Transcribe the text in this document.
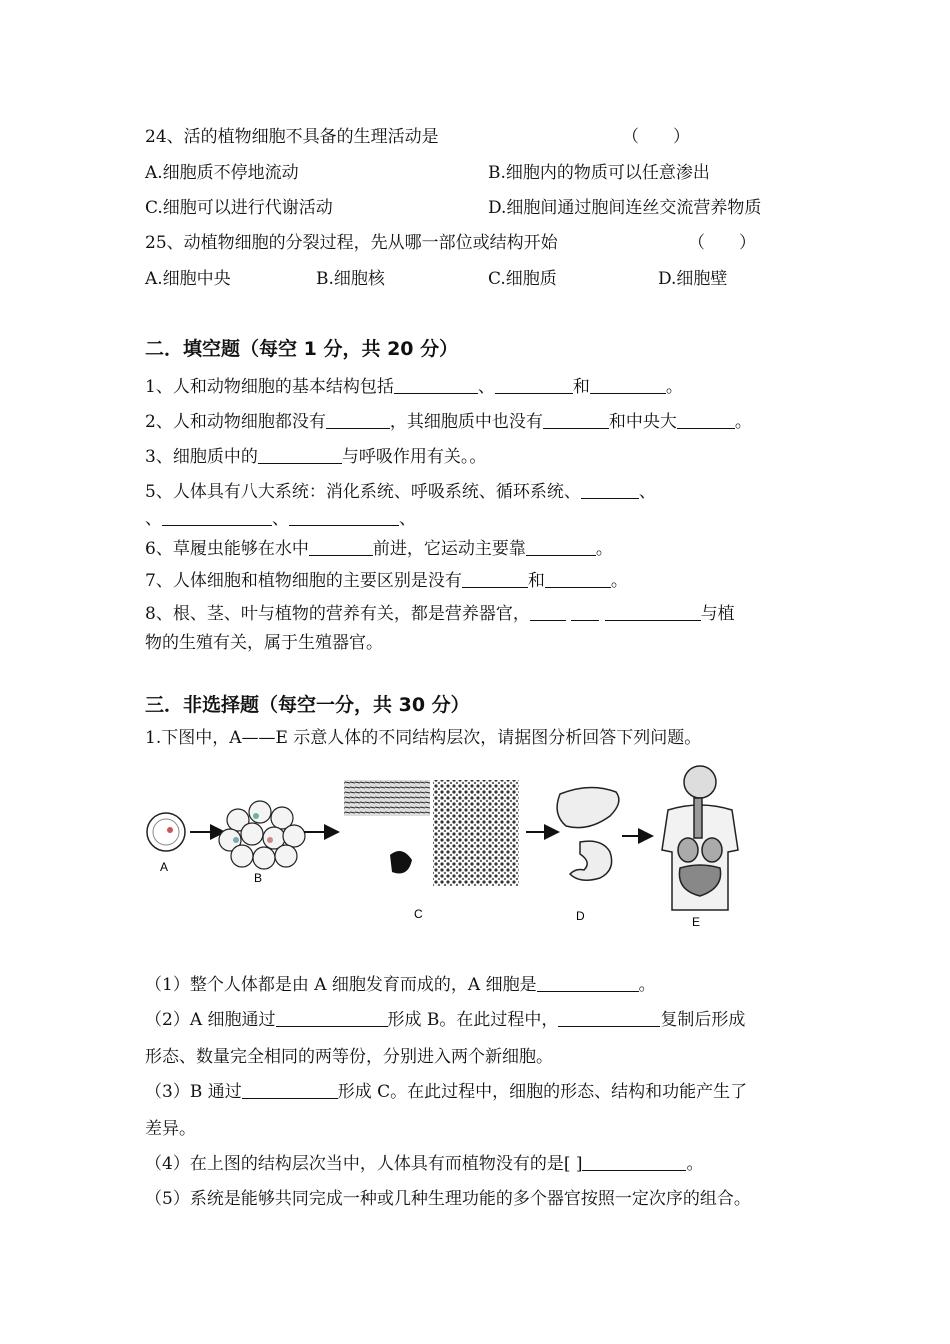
24、活的植物细胞不具备的生理活动是	（　　）
A.细胞质不停地流动	B.细胞内的物质可以任意渗出
C.细胞可以进行代谢活动	D.细胞间通过胞间连丝交流营养物质
25、动植物细胞的分裂过程，先从哪一部位或结构开始	（　　）
A.细胞中央	B.细胞核	C.细胞质	D.细胞壁
二．填空题（每空 1 分，共 20 分）
1、人和动物细胞的基本结构包括	、	和	。
2、人和动物细胞都没有	，其细胞质中也没有	和中央大	。
3、细胞质中的	与呼吸作用有关。。
5、人体具有八大系统：消化系统、呼吸系统、循环系统、	、
、	、	、
6、草履虫能够在水中	前进，它运动主要靠	。
7、人体细胞和植物细胞的主要区别是没有	和	。
8、根、茎、叶与植物的营养有关，都是营养器官，	与植
物的生殖有关，属于生殖器官。
三．非选择题（每空一分，共 30 分）
1.下图中，A——E 示意人体的不同结构层次，请据图分析回答下列问题。
A
B
C	D	E
（1）整个人体都是由 A 细胞发育而成的，A 细胞是	。
（2）A 细胞通过	形成 B。在此过程中，	复制后形成
形态、数量完全相同的两等份，分别进入两个新细胞。
（3）B 通过	形成 C。在此过程中，细胞的形态、结构和功能产生了
差异。
（4）在上图的结构层次当中，人体具有而植物没有的是[ ]	。
（5）系统是能够共同完成一种或几种生理功能的多个器官按照一定次序的组合。
